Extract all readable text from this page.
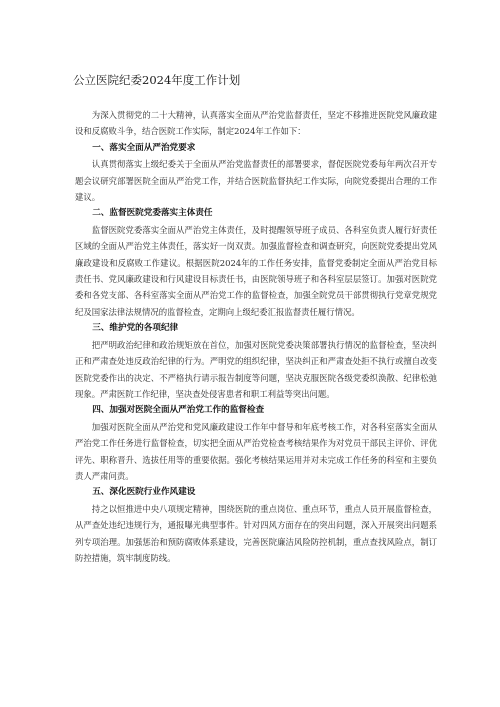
公立医院纪委2024年度工作计划

为深入贯彻党的二十大精神，认真落实全面从严治党监督责任，坚定不移推进医院党风廉政建设和反腐败斗争，结合医院工作实际，制定2024年工作如下：

一、落实全面从严治党要求

认真贯彻落实上级纪委关于全面从严治党监督责任的部署要求，督促医院党委每年两次召开专题会议研究部署医院全面从严治党工作，并结合医院监督执纪工作实际，向院党委提出合理的工作建议。

二、监督医院党委落实主体责任

监督医院党委落实全面从严治党主体责任，及时提醒领导班子成员、各科室负责人履行好责任区域的全面从严治党主体责任，落实好一岗双责。加强监督检查和调查研究，向医院党委提出党风廉政建设和反腐败工作建议。根据医院2024年的工作任务安排，监督党委制定全面从严治党目标责任书、党风廉政建设和行风建设目标责任书，由医院领导班子和各科室层层签订。加强对医院党委和各党支部、各科室落实全面从严治党工作的监督检查，加强全院党员干部贯彻执行党章党规党纪及国家法律法规情况的监督检查，定期向上级纪委汇报监督责任履行情况。

三、维护党的各项纪律

把严明政治纪律和政治规矩放在首位，加强对医院党委决策部署执行情况的监督检查，坚决纠正和严肃查处违反政治纪律的行为。严明党的组织纪律，坚决纠正和严肃查处拒不执行或擅自改变医院党委作出的决定、不严格执行请示报告制度等问题，坚决克服医院各级党委织涣散、纪律松弛现象。严肃医院工作纪律，坚决查处侵害患者和职工利益等突出问题。

四、加强对医院全面从严治党工作的监督检查

加强对医院全面从严治党和党风廉政建设工作年中督导和年底考核工作，对各科室落实全面从严治党工作任务进行监督检查，切实把全面从严治党检查考核结果作为对党员干部民主评价、评优评先、职称晋升、选拔任用等的重要依据。强化考核结果运用并对未完成工作任务的科室和主要负责人严肃问责。

五、深化医院行业作风建设

持之以恒推进中央八项规定精神，围绕医院的重点岗位、重点环节，重点人员开展监督检查，从严查处违纪违规行为，通报曝光典型事件。针对四风方面存在的突出问题，深入开展突出问题系列专项治理。加强惩治和预防腐败体系建设，完善医院廉洁风险防控机制，重点查找风险点，制订防控措施，筑牢制度防线。
